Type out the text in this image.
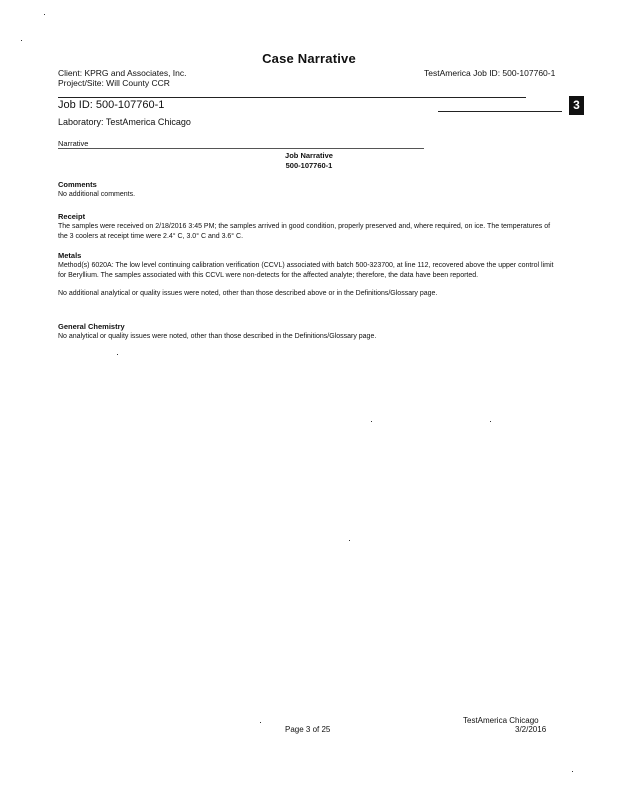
Case Narrative
Client: KPRG and Associates, Inc.
Project/Site: Will County CCR
TestAmerica Job ID: 500-107760-1
Job ID: 500-107760-1	3
Laboratory: TestAmerica Chicago
Narrative
Job Narrative
500-107760-1
Comments
No additional comments.
Receipt
The samples were received on 2/18/2016 3:45 PM; the samples arrived in good condition, properly preserved and, where required, on ice. The temperatures of the 3 coolers at receipt time were 2.4° C, 3.0° C and 3.6° C.
Metals
Method(s) 6020A: The low level continuing calibration verification (CCVL) associated with batch 500-323700, at line 112, recovered above the upper control limit for Beryllium. The samples associated with this CCVL were non-detects for the affected analyte; therefore, the data have been reported.
No additional analytical or quality issues were noted, other than those described above or in the Definitions/Glossary page.
General Chemistry
No analytical or quality issues were noted, other than those described in the Definitions/Glossary page.
Page 3 of 25
TestAmerica Chicago
3/2/2016
